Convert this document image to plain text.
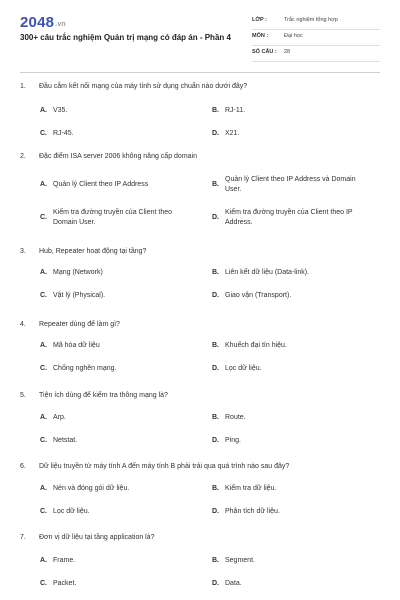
2048.vn
300+ câu trắc nghiệm Quản trị mạng có đáp án - Phần 4
LỚP :	Trắc nghiệm tổng hợp
MÔN :	Đại học
SỐ CÂU : 28
1. Đầu cắm kết nối mạng của máy tính sử dụng chuẩn nào dưới đây?
A. V35.	B. RJ-11.
C. RJ-45.	D. X21.
2. Đặc điểm ISA server 2006 không nâng cấp domain
A. Quản lý Client theo IP Address	B.
Quản lý Client theo IP Address và Domain User.
C.
Kiểm tra đường truyền của Client theo Domain User.
D.
Kiểm tra đường truyền của Client theo IP Address.
3. Hub, Repeater hoạt động tại tầng?
A. Mạng (Network)	B. Liên kết dữ liệu (Data-link).
C. Vật lý (Physical).	D. Giao vận (Transport).
4. Repeater dùng để làm gì?
A. Mã hóa dữ liệu	B. Khuếch đại tín hiệu.
C. Chống nghẽn mạng.	D. Lọc dữ liệu.
5. Tiện ích dùng để kiểm tra thông mạng là?
A. Arp.	B. Route.
C. Netstat.	D. Ping.
6. Dữ liệu truyền từ máy tính A đến máy tính B phải trải qua quá trình nào sau đây?
A. Nén và đóng gói dữ liệu.	B. Kiểm tra dữ liệu.
C. Lọc dữ liệu.	D. Phân tích dữ liệu.
7. Đơn vị dữ liệu tại tầng application là?
A. Frame.	B. Segment.
C. Packet.	D. Data.
